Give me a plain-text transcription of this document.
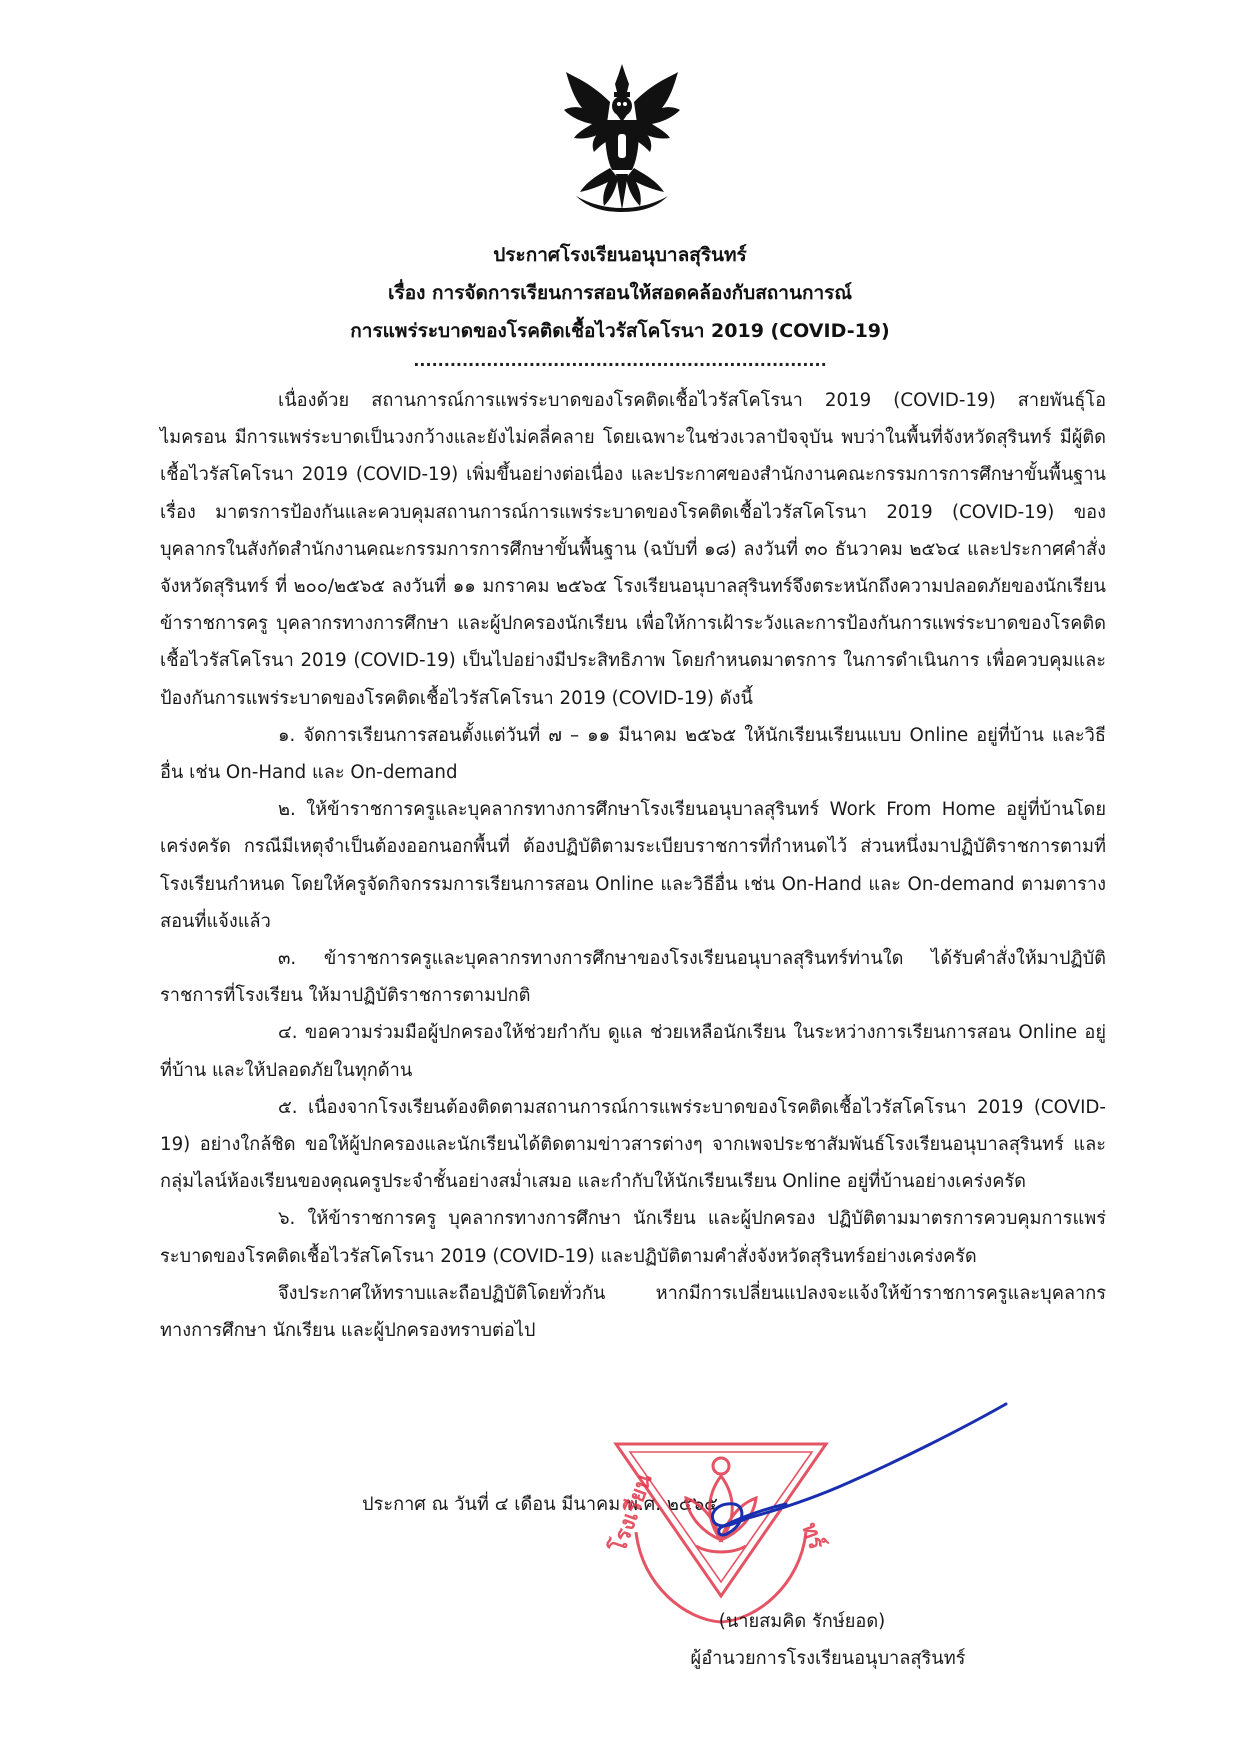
ประกาศโรงเรียนอนุบาลสุรินทร์
เรื่อง การจัดการเรียนการสอนให้สอดคล้องกับสถานการณ์
การแพร่ระบาดของโรคติดเชื้อไวรัสโคโรนา 2019 (COVID-19)
....................................................................

เนื่องด้วย สถานการณ์การแพร่ระบาดของโรคติดเชื้อไวรัสโคโรนา 2019 (COVID-19) สายพันธุ์โอไมครอน มีการแพร่ระบาดเป็นวงกว้างและยังไม่คลี่คลาย โดยเฉพาะในช่วงเวลาปัจจุบัน พบว่าในพื้นที่จังหวัดสุรินทร์ มีผู้ติดเชื้อไวรัสโคโรนา 2019 (COVID-19) เพิ่มขึ้นอย่างต่อเนื่อง และประกาศของสำนักงานคณะกรรมการการศึกษาขั้นพื้นฐาน เรื่อง มาตรการป้องกันและควบคุมสถานการณ์การแพร่ระบาดของโรคติดเชื้อไวรัสโคโรนา 2019 (COVID-19) ของบุคลากรในสังกัดสำนักงานคณะกรรมการการศึกษาขั้นพื้นฐาน (ฉบับที่ ๑๘) ลงวันที่ ๓๐ ธันวาคม ๒๕๖๔ และประกาศคำสั่งจังหวัดสุรินทร์ ที่ ๒๐๐/๒๕๖๕ ลงวันที่ ๑๑ มกราคม ๒๕๖๕ โรงเรียนอนุบาลสุรินทร์จึงตระหนักถึงความปลอดภัยของนักเรียน ข้าราชการครู บุคลากรทางการศึกษา และผู้ปกครองนักเรียน เพื่อให้การเฝ้าระวังและการป้องกันการแพร่ระบาดของโรคติดเชื้อไวรัสโคโรนา 2019 (COVID-19) เป็นไปอย่างมีประสิทธิภาพ โดยกำหนดมาตรการ ในการดำเนินการ เพื่อควบคุมและป้องกันการแพร่ระบาดของโรคติดเชื้อไวรัสโคโรนา 2019 (COVID-19) ดังนี้

๑. จัดการเรียนการสอนตั้งแต่วันที่ ๗ – ๑๑ มีนาคม ๒๕๖๕ ให้นักเรียนเรียนแบบ Online อยู่ที่บ้าน และวิธีอื่น เช่น On-Hand และ On-demand

๒. ให้ข้าราชการครูและบุคลากรทางการศึกษาโรงเรียนอนุบาลสุรินทร์ Work From Home อยู่ที่บ้านโดยเคร่งครัด กรณีมีเหตุจำเป็นต้องออกนอกพื้นที่ ต้องปฏิบัติตามระเบียบราชการที่กำหนดไว้ ส่วนหนึ่งมาปฏิบัติราชการตามที่โรงเรียนกำหนด โดยให้ครูจัดกิจกรรมการเรียนการสอน Online และวิธีอื่น เช่น On-Hand และ On-demand ตามตารางสอนที่แจ้งแล้ว

๓. ข้าราชการครูและบุคลากรทางการศึกษาของโรงเรียนอนุบาลสุรินทร์ท่านใด ได้รับคำสั่งให้มาปฏิบัติราชการที่โรงเรียน ให้มาปฏิบัติราชการตามปกติ

๔. ขอความร่วมมือผู้ปกครองให้ช่วยกำกับ ดูแล ช่วยเหลือนักเรียน ในระหว่างการเรียนการสอน Online อยู่ที่บ้าน และให้ปลอดภัยในทุกด้าน

๕. เนื่องจากโรงเรียนต้องติดตามสถานการณ์การแพร่ระบาดของโรคติดเชื้อไวรัสโคโรนา 2019 (COVID-19) อย่างใกล้ชิด ขอให้ผู้ปกครองและนักเรียนได้ติดตามข่าวสารต่างๆ จากเพจประชาสัมพันธ์โรงเรียนอนุบาลสุรินทร์ และกลุ่มไลน์ห้องเรียนของคุณครูประจำชั้นอย่างสม่ำเสมอ และกำกับให้นักเรียนเรียน Online อยู่ที่บ้านอย่างเคร่งครัด

๖. ให้ข้าราชการครู บุคลากรทางการศึกษา นักเรียน และผู้ปกครอง ปฏิบัติตามมาตรการควบคุมการแพร่ระบาดของโรคติดเชื้อไวรัสโคโรนา 2019 (COVID-19) และปฏิบัติตามคำสั่งจังหวัดสุรินทร์อย่างเคร่งครัด

จึงประกาศให้ทราบและถือปฏิบัติโดยทั่วกัน หากมีการเปลี่ยนแปลงจะแจ้งให้ข้าราชการครูและบุคลากรทางการศึกษา นักเรียน และผู้ปกครองทราบต่อไป

ประกาศ ณ วันที่ ๔ เดือน มีนาคม พ.ศ. ๒๕๖๕
โรงเรียน	ทร์
(นายสมคิด รักษ์ยอด)
ผู้อำนวยการโรงเรียนอนุบาลสุรินทร์
